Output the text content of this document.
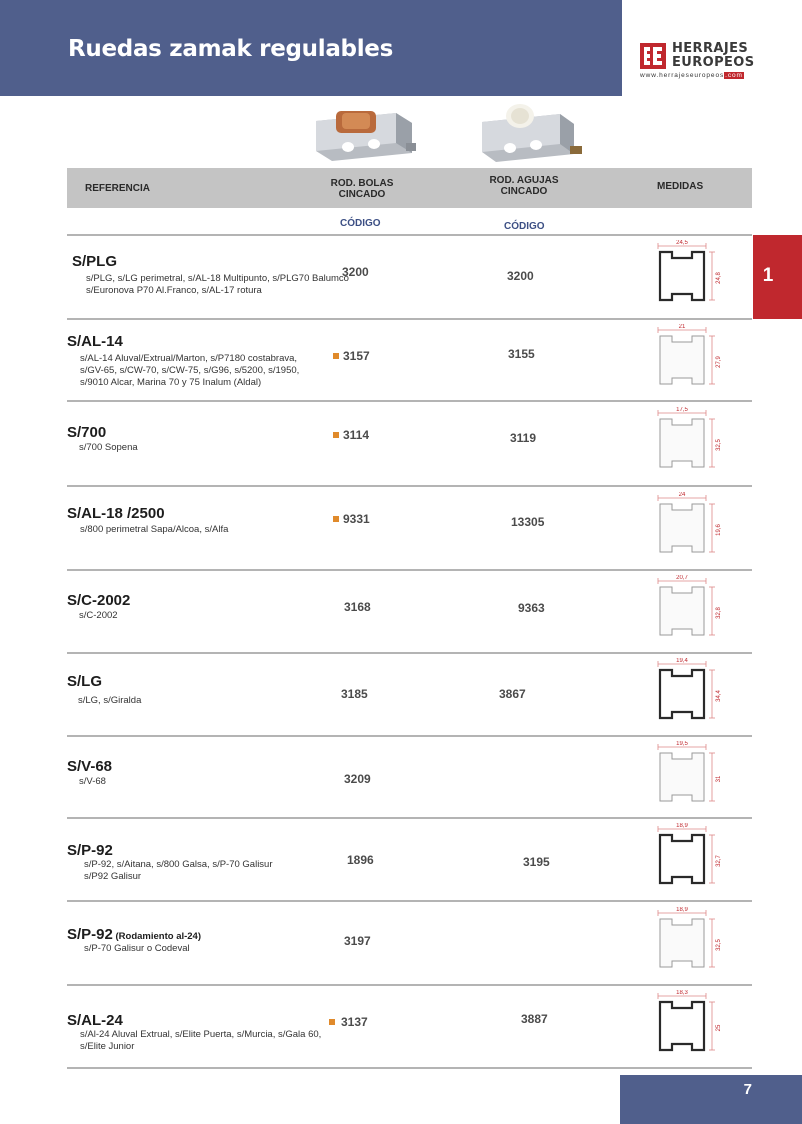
Ruedas zamak regulables	HERRAJES
EUROPEOS
www.herrajeseuropeos.com
REFERENCIA	ROD. BOLAS
CINCADO
ROD. AGUJAS
CINCADO	MEDIDAS
CÓDIGO	CÓDIGO
S/PLG
s/PLG, s/LG perimetral, s/AL-18 Multipunto, s/PLG70 Balumco
s/Euronova P70 Al.Franco, s/AL-17 rotura
3200	3200
24,5
24,8
S/AL-14
s/AL-14 Aluval/Extrual/Marton, s/P7180 costabrava,
s/GV-65, s/CW-70, s/CW-75, s/G96, s/5200, s/1950,
s/9010 Alcar, Marina 70 y 75 Inalum (Aldal)
3157	3155
21
27,9
S/700
s/700 Sopena
3114	3119
17,5
32,5
S/AL-18 /2500
s/800 perimetral Sapa/Alcoa, s/Alfa
9331	13305
24
19,6
S/C-2002
s/C-2002
3168	9363
20,7
32,8
S/LG
s/LG, s/Giralda	3185	3867
19,4
34,4
S/V-68
s/V-68	3209
19,5
31
S/P-92
s/P-92, s/Aitana, s/800 Galsa, s/P-70 Galisur
s/P92 Galisur
1896	3195
18,9
32,7
S/P-92 (Rodamiento al-24)
s/P-70 Galisur o Codeval
3197
18,9
32,5
S/AL-24
s/Al-24 Aluval Extrual, s/Elite Puerta, s/Murcia, s/Gala 60,
s/Elite Junior
3137	3887
18,3
25
1
7
